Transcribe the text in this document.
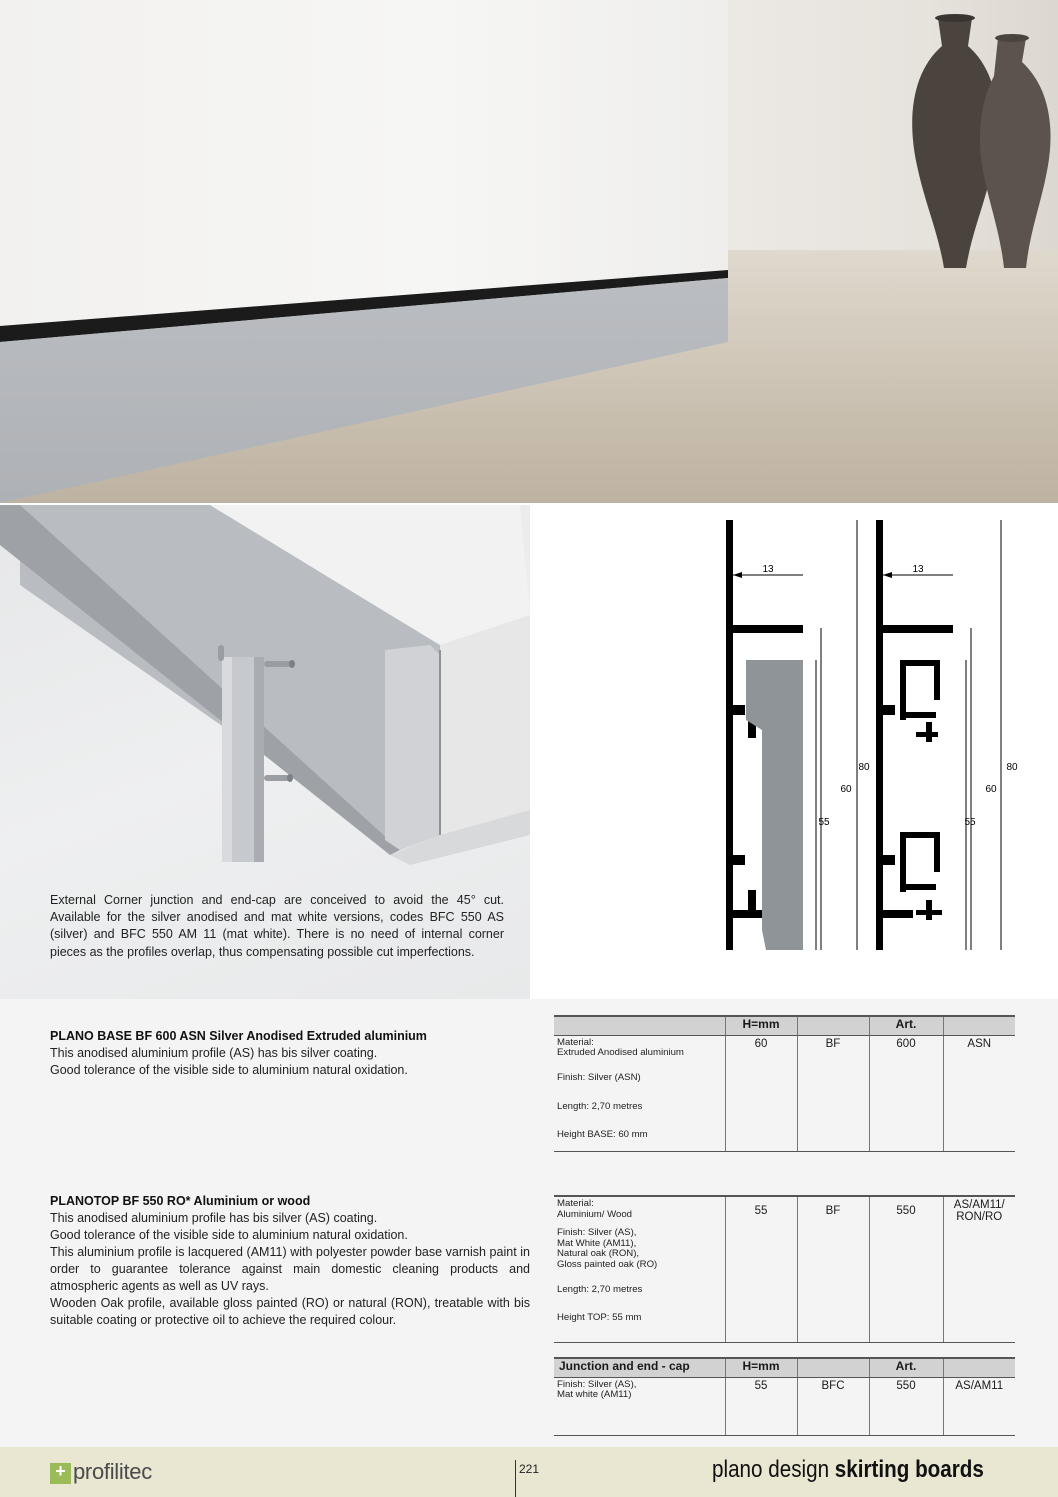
External Corner junction and end-cap are conceived to avoid the 45° cut. Available for the silver anodised and mat white versions, codes BFC 550 AS (silver) and BFC 550 AM 11 (mat white). There is no need of internal corner pieces as the profiles overlap, thus compensating possible cut imperfections.

13	13
60
80
55
60
80
55
PLANO BASE BF 600 ASN Silver Anodised Extruded aluminium
This anodised aluminium profile (AS) has bis silver coating.
Good tolerance of the visible side to aluminium natural oxidation.
PLANOTOP BF 550 RO* Aluminium or wood
This anodised aluminium profile has bis silver (AS) coating.
Good tolerance of the visible side to aluminium natural oxidation.
This aluminium profile is lacquered (AM11) with polyester powder base varnish paint in order to guarantee tolerance against main domestic cleaning products and atmospheric agents as well as UV rays.
Wooden Oak profile, available gloss painted (RO) or natural (RON), treatable with bis suitable coating or protective oil to achieve the required colour.
	H=mm		Art.	

Material:
Extruded Anodised aluminium
Finish: Silver (ASN)
Length: 2,70 metres
Height BASE: 60 mm	60	BF	600	ASN
Material:
Aluminium/ Wood
Finish: Silver (AS),
Mat White (AM11),
Natural oak (RON),
Gloss painted oak (RO)
Length: 2,70 metres
Height TOP: 55 mm
	55	BF	550	AS/AM11/
RON/RO
Junction and end - cap	H=mm		Art.	

Finish: Silver (AS),
Mat white (AM11)	55	BFC	550	AS/AM11
+ profilitec	221	plano design skirting boards
